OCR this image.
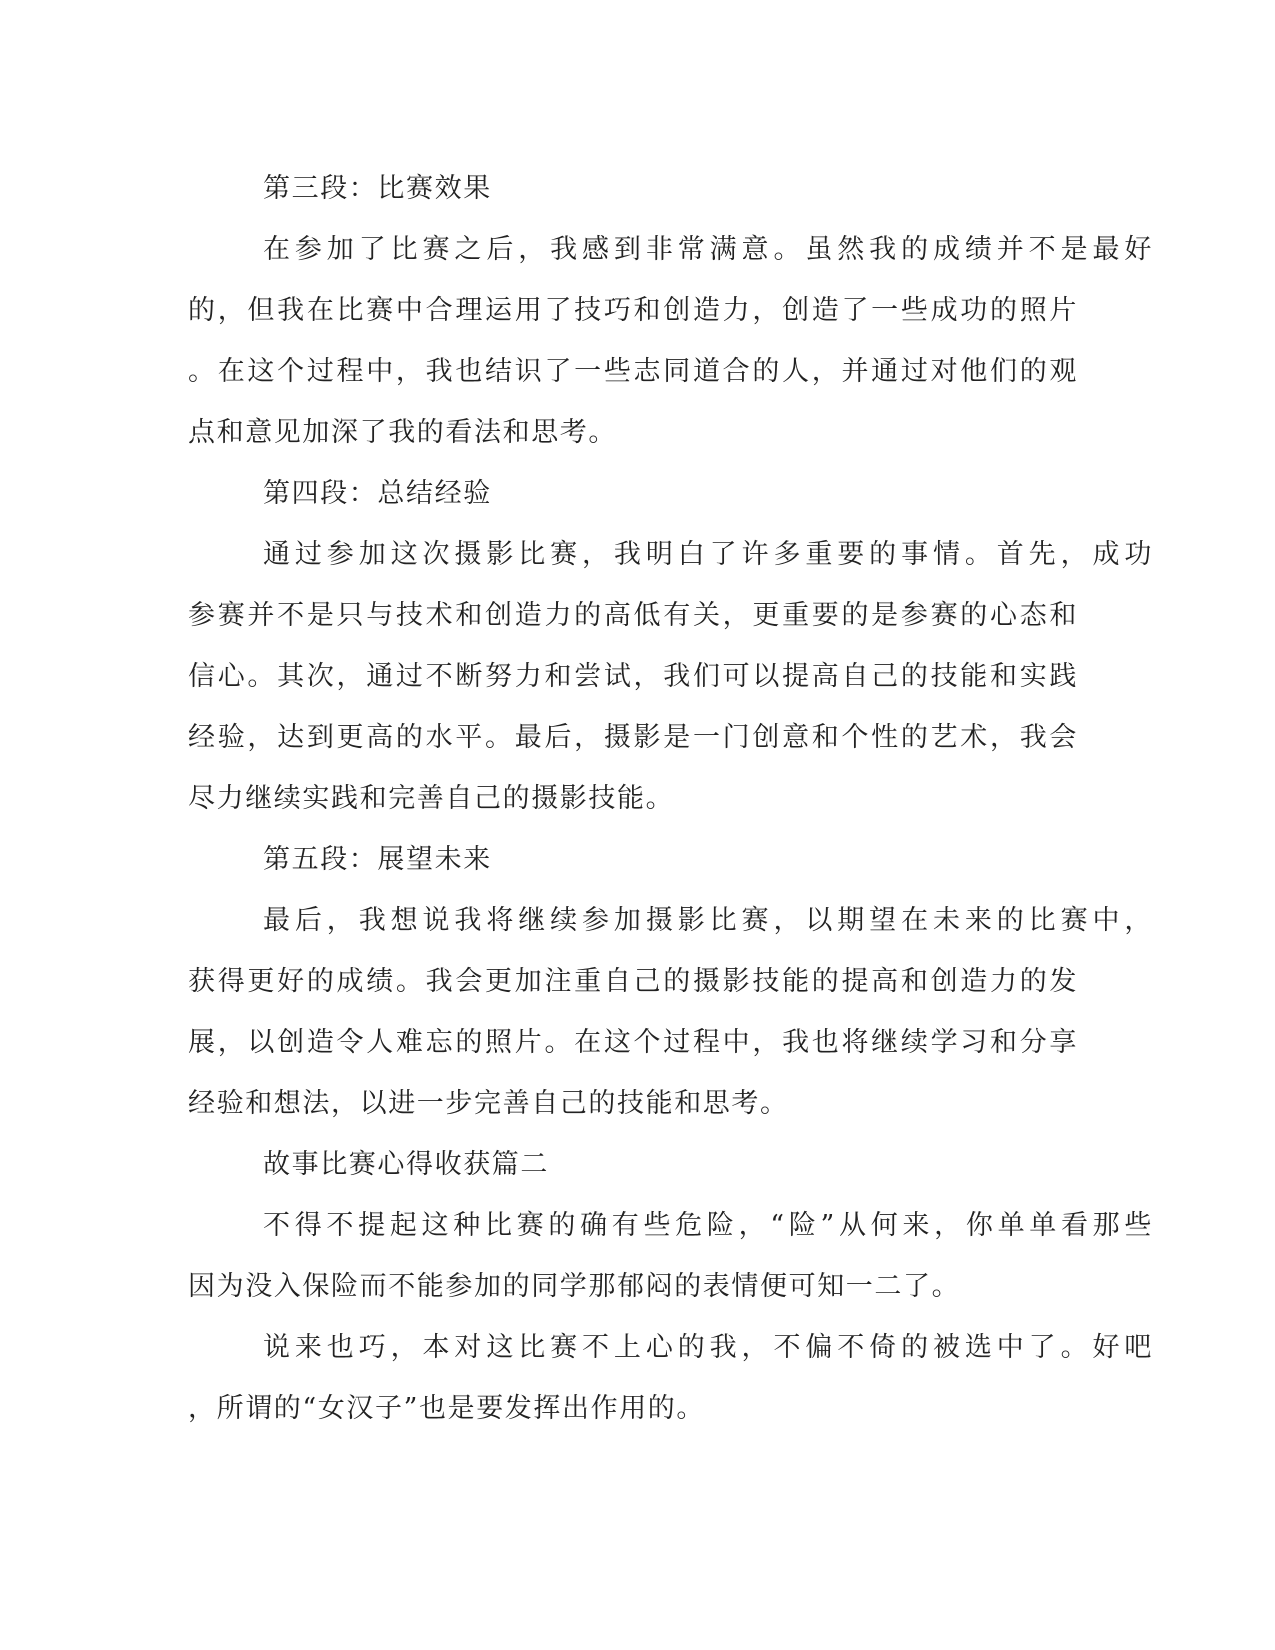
第三段：比赛效果
在参加了比赛之后，我感到非常满意。虽然我的成绩并不是最好
的，但我在比赛中合理运用了技巧和创造力，创造了一些成功的照片
。在这个过程中，我也结识了一些志同道合的人，并通过对他们的观
点和意见加深了我的看法和思考。
第四段：总结经验
通过参加这次摄影比赛，我明白了许多重要的事情。首先，成功
参赛并不是只与技术和创造力的高低有关，更重要的是参赛的心态和
信心。其次，通过不断努力和尝试，我们可以提高自己的技能和实践
经验，达到更高的水平。最后，摄影是一门创意和个性的艺术，我会
尽力继续实践和完善自己的摄影技能。
第五段：展望未来
最后，我想说我将继续参加摄影比赛，以期望在未来的比赛中，
获得更好的成绩。我会更加注重自己的摄影技能的提高和创造力的发
展，以创造令人难忘的照片。在这个过程中，我也将继续学习和分享
经验和想法，以进一步完善自己的技能和思考。
故事比赛心得收获篇二
不得不提起这种比赛的确有些危险，“险”从何来，你单单看那些
因为没入保险而不能参加的同学那郁闷的表情便可知一二了。
说来也巧，本对这比赛不上心的我，不偏不倚的被选中了。好吧
，所谓的“女汉子”也是要发挥出作用的。
